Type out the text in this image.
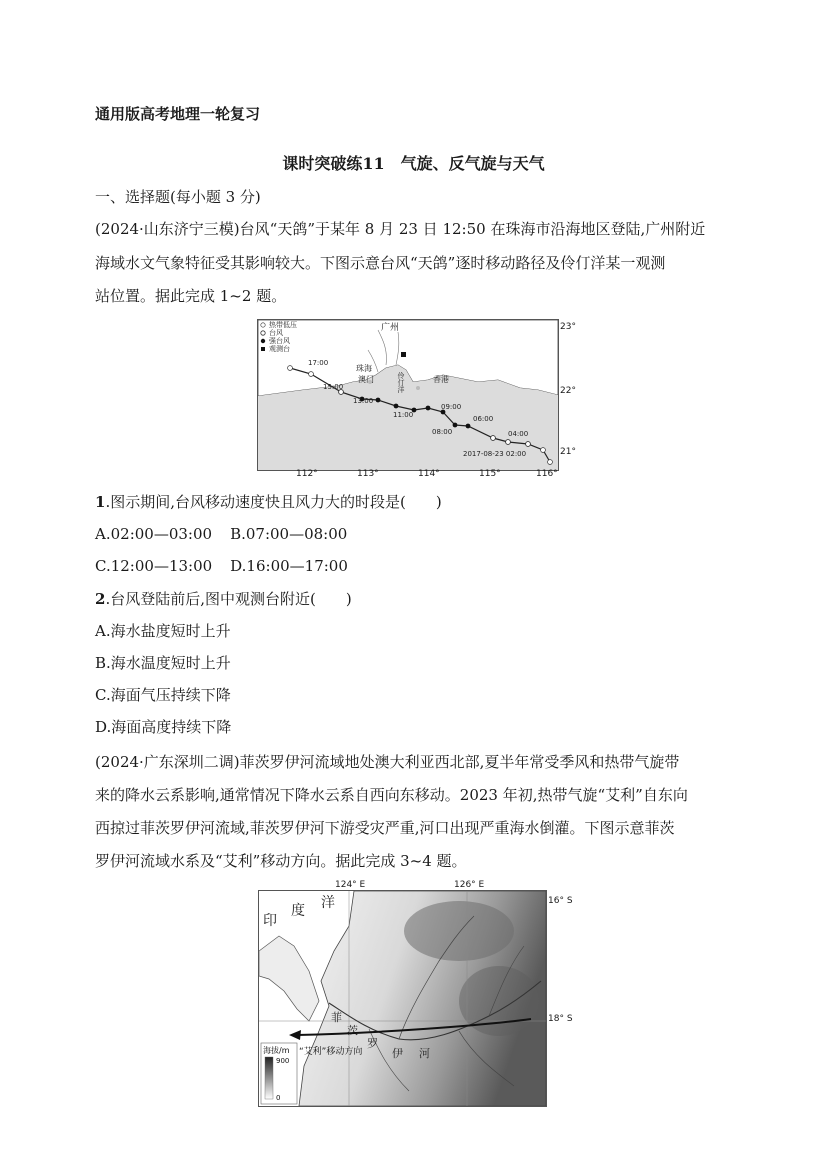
通用版高考地理一轮复习
课时突破练11　气旋、反气旋与天气
一、选择题(每小题 3 分)
(2024·山东济宁三模)台风“天鸽”于某年 8 月 23 日 12:50 在珠海市沿海地区登陆,广州附近
海域水文气象特征受其影响较大。下图示意台风“天鸽”逐时移动路径及伶仃洋某一观测
站位置。据此完成 1~2 题。
热带低压
台风
强台风
观测台
广州
珠海
澳门	香港
伶仃洋
17:00
15:00
13:00
11:00
09:00
08:00
06:00
04:00
2017-08-23 02:00
23°
22°
21°
112°	113°	114°	115°	116°
1.图示期间,台风移动速度快且风力大的时段是(　　)
A.02:00—03:00 B.07:00—08:00
C.12:00—13:00 D.16:00—17:00
2.台风登陆前后,图中观测台附近(　　)
A.海水盐度短时上升
B.海水温度短时上升
C.海面气压持续下降
D.海面高度持续下降
(2024·广东深圳二调)菲茨罗伊河流域地处澳大利亚西北部,夏半年常受季风和热带气旋带
来的降水云系影响,通常情况下降水云系自西向东移动。2023 年初,热带气旋“艾利”自东向
西掠过菲茨罗伊河流域,菲茨罗伊河下游受灾严重,河口出现严重海水倒灌。下图示意菲茨
罗伊河流域水系及“艾利”移动方向。据此完成 3~4 题。
124° E	126° E
16° S
18° S
印
度 洋
菲
茨
罗
伊 河
“艾利”移动方向
海拔/m
900
0
